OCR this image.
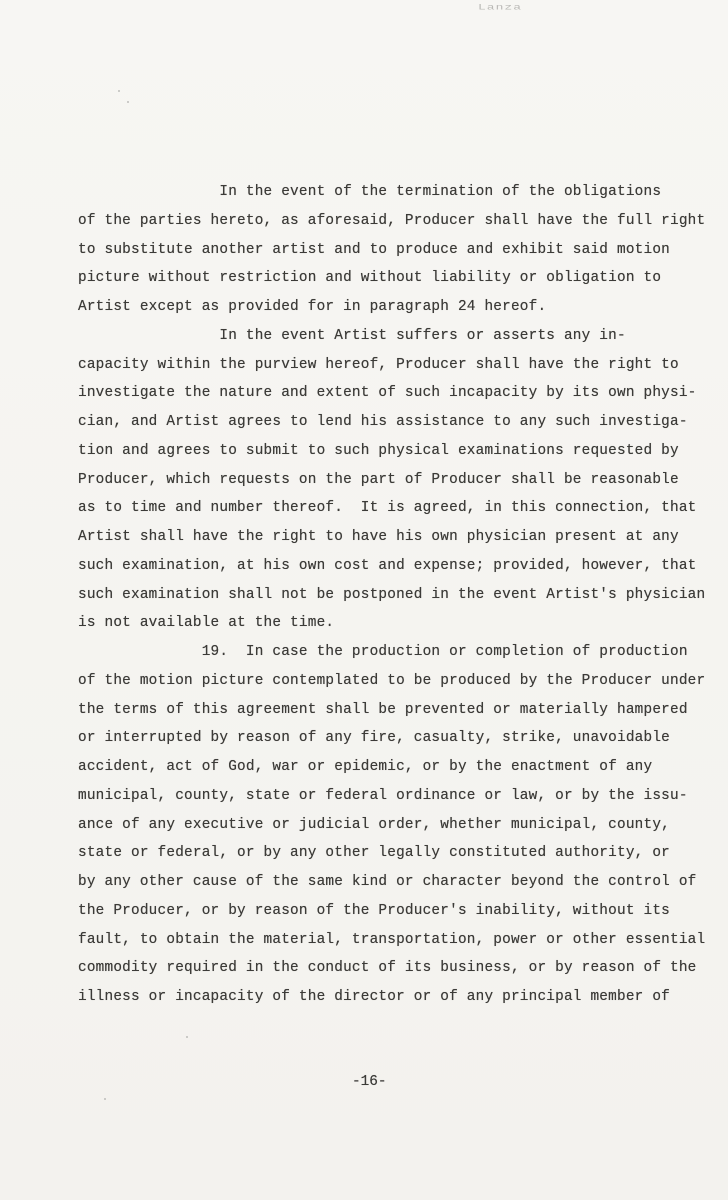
Lanza
In the event of the termination of the obligations
of the parties hereto, as aforesaid, Producer shall have the full right
to substitute another artist and to produce and exhibit said motion
picture without restriction and without liability or obligation to
Artist except as provided for in paragraph 24 hereof.
In the event Artist suffers or asserts any in-
capacity within the purview hereof, Producer shall have the right to
investigate the nature and extent of such incapacity by its own physi-
cian, and Artist agrees to lend his assistance to any such investiga-
tion and agrees to submit to such physical examinations requested by
Producer, which requests on the part of Producer shall be reasonable
as to time and number thereof.  It is agreed, in this connection, that
Artist shall have the right to have his own physician present at any
such examination, at his own cost and expense; provided, however, that
such examination shall not be postponed in the event Artist's physician
is not available at the time.
19.  In case the production or completion of production
of the motion picture contemplated to be produced by the Producer under
the terms of this agreement shall be prevented or materially hampered
or interrupted by reason of any fire, casualty, strike, unavoidable
accident, act of God, war or epidemic, or by the enactment of any
municipal, county, state or federal ordinance or law, or by the issu-
ance of any executive or judicial order, whether municipal, county,
state or federal, or by any other legally constituted authority, or
by any other cause of the same kind or character beyond the control of
the Producer, or by reason of the Producer's inability, without its
fault, to obtain the material, transportation, power or other essential
commodity required in the conduct of its business, or by reason of the
illness or incapacity of the director or of any principal member of
-16-
